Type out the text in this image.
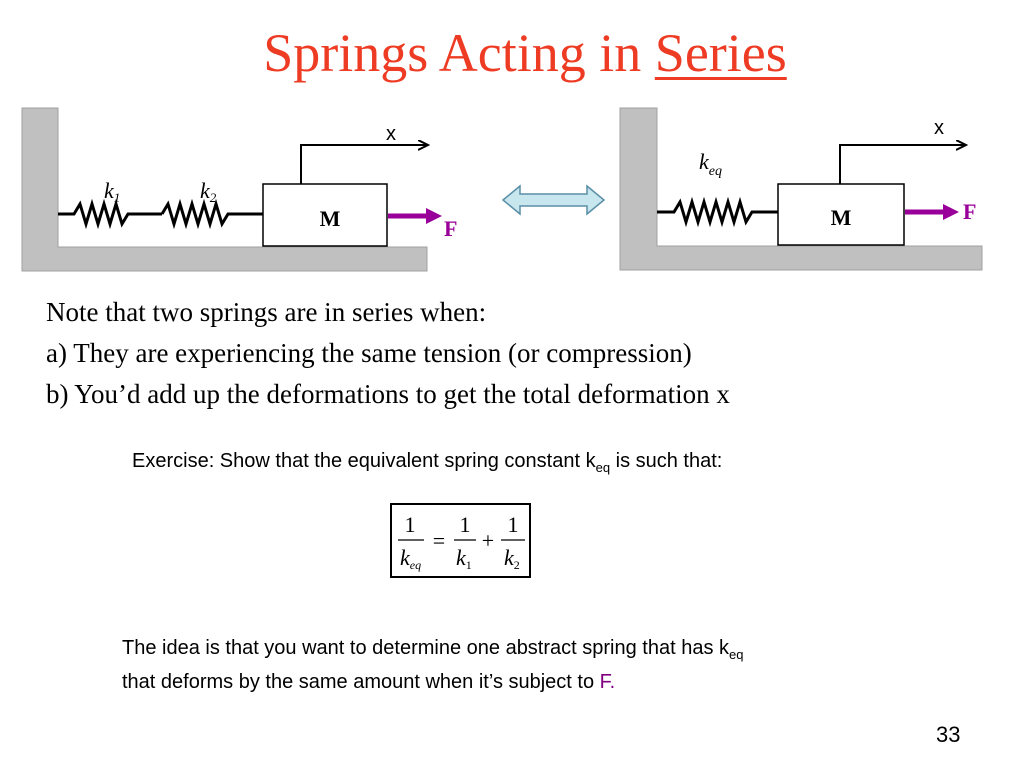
Springs Acting in Series
M
x
F
k1	k2
M
x
F
$k_{eq}$
Note that two springs are in series when:
a) They are experiencing the same tension (or compression)
b) You’d add up the deformations to get the total deformation x
Exercise: Show that the equivalent spring constant $k_{eq}$ is such that:
1
keq
=
1
k1
+
1
k2
The idea is that you want to determine one abstract spring that has $k_{eq}$
that deforms by the same amount when it’s subject to F.
33
